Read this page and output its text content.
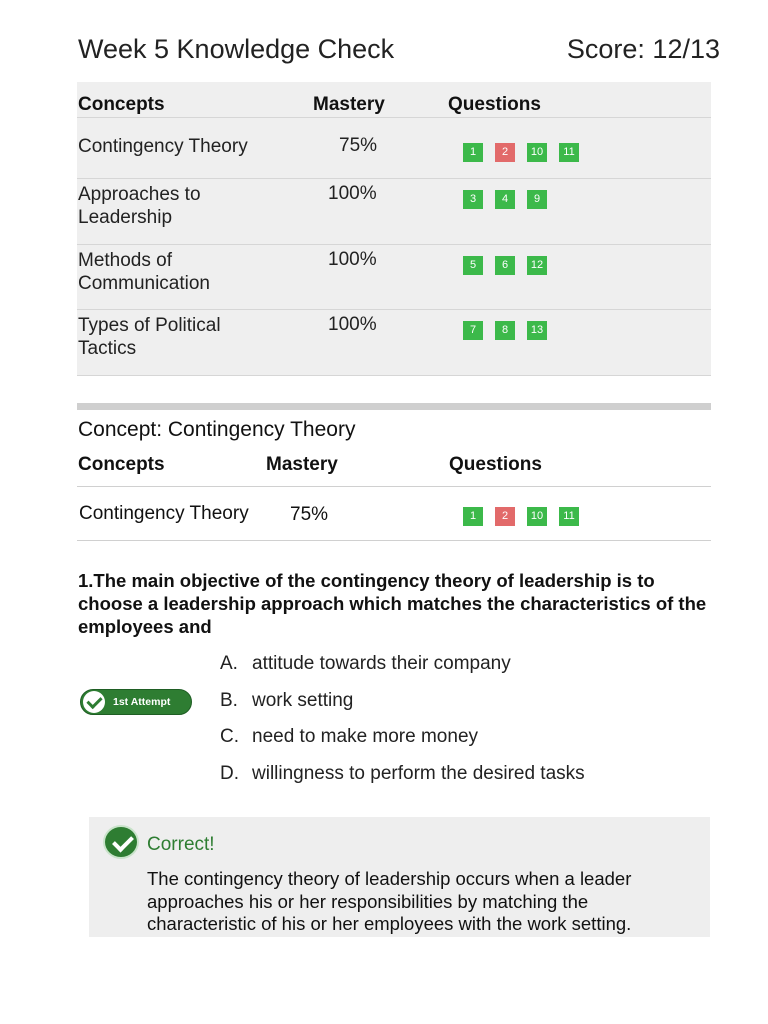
Week 5 Knowledge Check	Score: 12/13
Concepts	Mastery	Questions
Contingency Theory	75%	1	2	10	11
Approaches to
Leadership
100%	3	4	9
Methods of
Communication
100%	5	6	12
Types of Political
Tactics
100%	7	8	13
Concept: Contingency Theory
Concepts	Mastery	Questions
Contingency Theory 75%	1	2	10	11
1.The main objective of the contingency theory of leadership is to choose a leadership approach which matches the characteristics of the employees and
1st Attempt
A. attitude towards their company
B. work setting
C. need to make more money
D. willingness to perform the desired tasks
Correct!
The contingency theory of leadership occurs when a leader approaches his or her responsibilities by matching the characteristic of his or her employees with the work setting.
